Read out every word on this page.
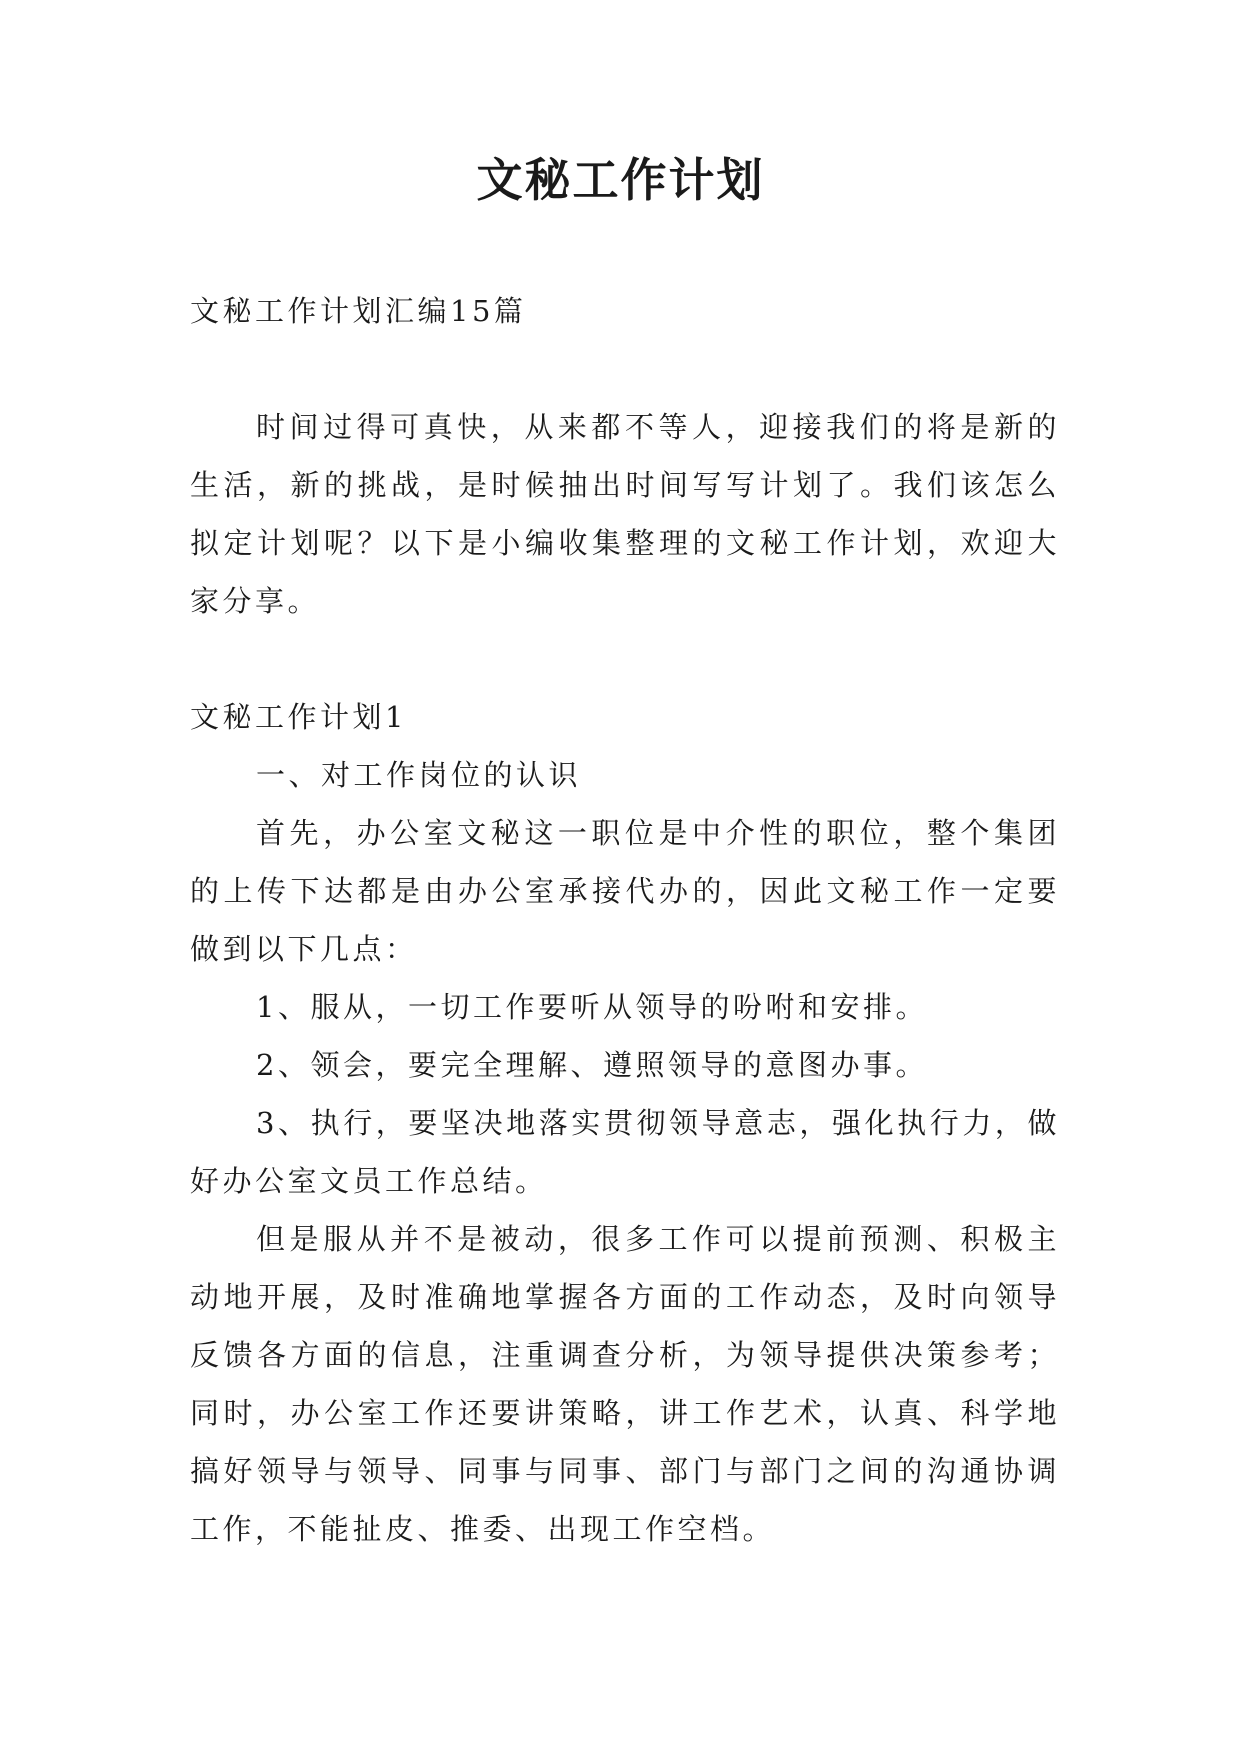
文秘工作计划

文秘工作计划汇编15篇

时间过得可真快，从来都不等人，迎接我们的将是新的生活，新的挑战，是时候抽出时间写写计划了。我们该怎么拟定计划呢？以下是小编收集整理的文秘工作计划，欢迎大家分享。

文秘工作计划1

一、对工作岗位的认识

首先，办公室文秘这一职位是中介性的职位，整个集团的上传下达都是由办公室承接代办的，因此文秘工作一定要做到以下几点：

1、服从，一切工作要听从领导的吩咐和安排。

2、领会，要完全理解、遵照领导的意图办事。

3、执行，要坚决地落实贯彻领导意志，强化执行力，做好办公室文员工作总结。

但是服从并不是被动，很多工作可以提前预测、积极主动地开展，及时准确地掌握各方面的工作动态，及时向领导反馈各方面的信息，注重调查分析，为领导提供决策参考；同时，办公室工作还要讲策略，讲工作艺术，认真、科学地搞好领导与领导、同事与同事、部门与部门之间的沟通协调工作，不能扯皮、推委、出现工作空档。
